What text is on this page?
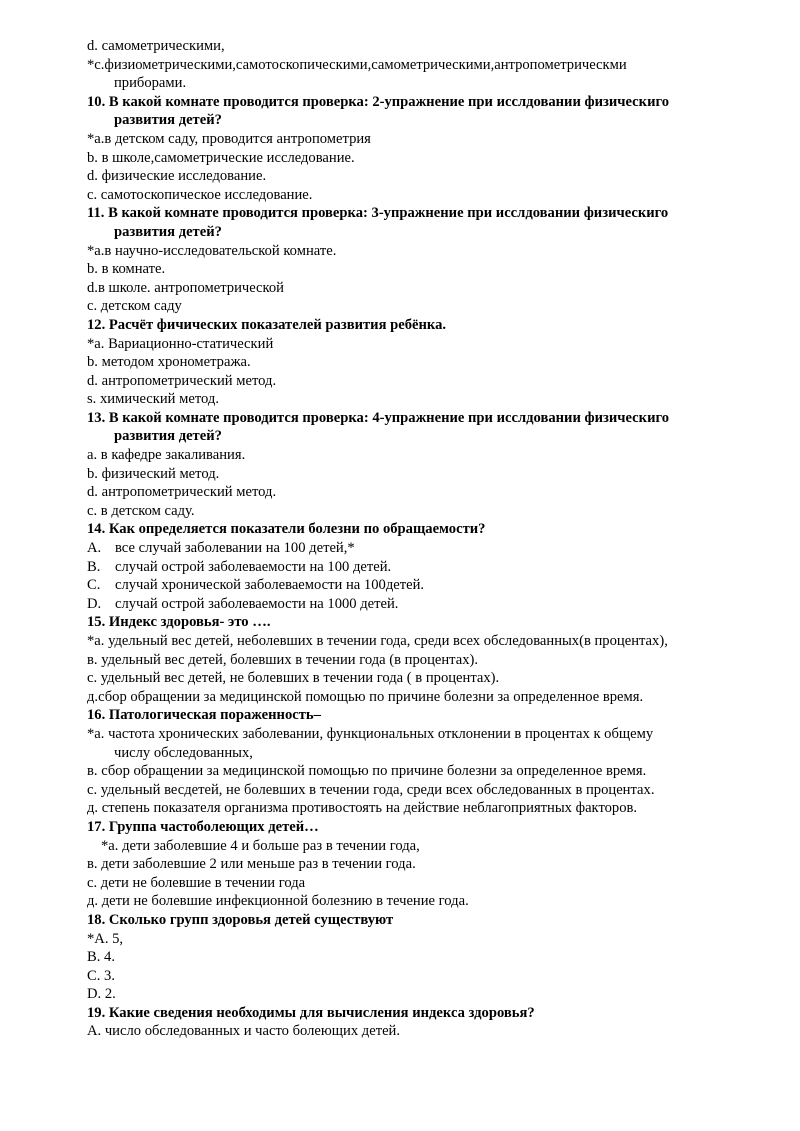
d. самометрическими,
*c.физиометрическими,самотоскопическими,самометрическими,антропометрическми
приборами.
10. В какой комнате проводится проверка: 2-упражнение при исслдовании физическиго
развития детей?
*а.в детском саду, проводится антропометрия
b. в школе,самометрические исследование.
d. физические исследование.
c. самотоскопическое исследование.
11. В какой комнате проводится проверка: 3-упражнение при исслдовании физическиго
развития детей?
*а.в научно-исследовательской комнате.
b. в комнате.
d.в школе. антропометрической
c. детском саду
12. Расчёт фичических показателей развития ребёнка.
*а. Вариационно-статический
b. методом хронометража.
d. антропометрический метод.
s. химический метод.
13. В какой комнате проводится проверка: 4-упражнение при исслдовании физическиго
развития детей?
a. в кафедре закаливания.
b. физический метод.
d. антропометрический метод.
c. в детском саду.
14. Как определяется показатели болезни по обращаемости?
A. все случай заболевании на 100 детей,*
B.	случай острой заболеваемости на 100 детей.
C.	случай хронической заболеваемости на 100детей.
D. случай острой заболеваемости на 1000 детей.
15. Индекс здоровья- это ….
*а. удельный вес детей, неболевших в течении года, среди всех обследованных(в процентах),
в. удельный вес детей, болевших в течении года (в процентах).
с. удельный вес детей, не болевших в течении года ( в процентах).
д.сбор обращении за медицинской помощью по причине болезни за определенное время.
16. Патологическая пораженность–
*а. частота хронических заболевании, функциональных отклонении в процентах к общему
числу обследованных,
в. сбор обращении за медицинской помощью по причине болезни за определенное время.
с. удельный весдетей, не болевших в течении года, среди всех обследованных в процентах.
д. степень показателя организма противостоять на действие неблагоприятных факторов.
17. Группа частоболеющих детей…
*а. дети заболевшие 4 и больше раз в течении года,
в. дети заболевшие 2 или меньше раз в течении года.
с. дети не болевшие в течении года
д. дети не болевшие инфекционной болезнию в течение года.
18. Сколько групп здоровья детей существуют
*А. 5,
В. 4.
С. 3.
D. 2.
19. Какие сведения необходимы для вычисления индекса здоровья?
А. число обследованных и часто болеющих детей.
